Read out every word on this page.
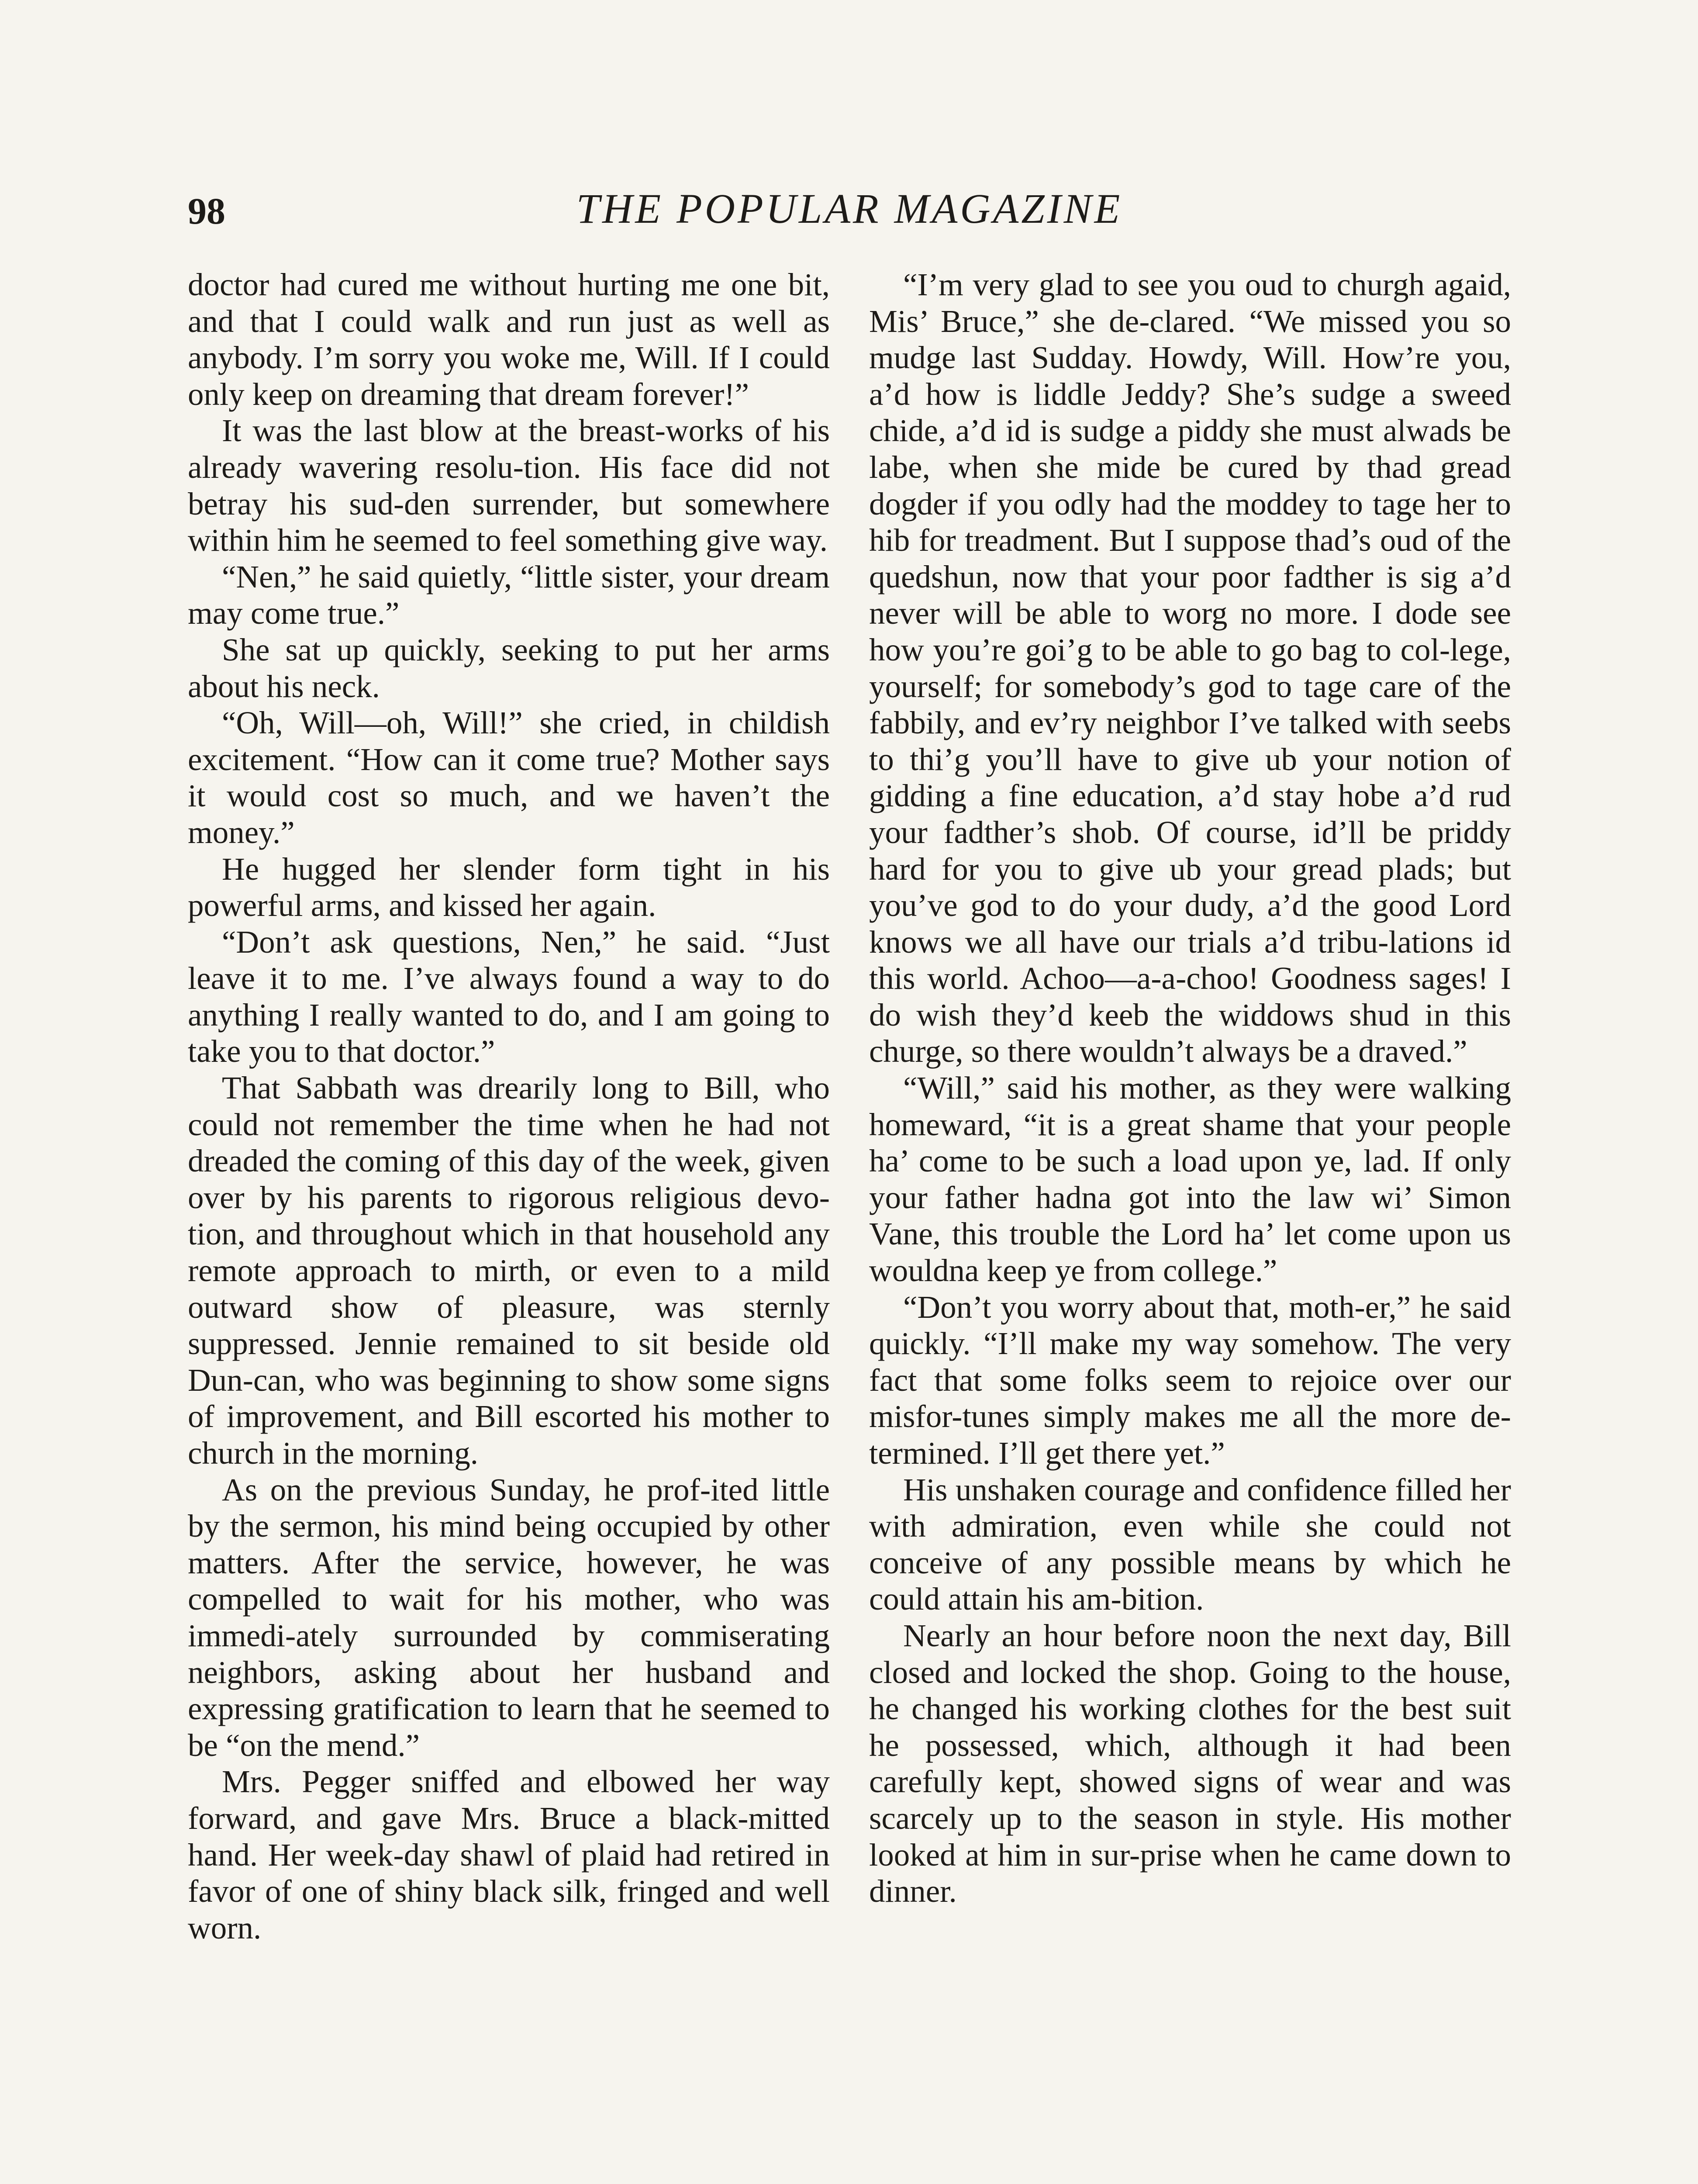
98	THE POPULAR MAGAZINE

doctor had cured me without hurting me one bit, and that I could walk and run just as well as anybody. I’m sorry you woke me, Will. If I could only keep on dreaming that dream forever!”

It was the last blow at the breast-works of his already wavering resolu-tion. His face did not betray his sud-den surrender, but somewhere within him he seemed to feel something give way.

“Nen,” he said quietly, “little sister, your dream may come true.”

She sat up quickly, seeking to put her arms about his neck.

“Oh, Will—oh, Will!” she cried, in childish excitement. “How can it come true? Mother says it would cost so much, and we haven’t the money.”

He hugged her slender form tight in his powerful arms, and kissed her again.

“Don’t ask questions, Nen,” he said. “Just leave it to me. I’ve always found a way to do anything I really wanted to do, and I am going to take you to that doctor.”

That Sabbath was drearily long to Bill, who could not remember the time when he had not dreaded the coming of this day of the week, given over by his parents to rigorous religious devo-tion, and throughout which in that household any remote approach to mirth, or even to a mild outward show of pleasure, was sternly suppressed. Jennie remained to sit beside old Dun-can, who was beginning to show some signs of improvement, and Bill escorted his mother to church in the morning.

As on the previous Sunday, he prof-ited little by the sermon, his mind being occupied by other matters. After the service, however, he was compelled to wait for his mother, who was immedi-ately surrounded by commiserating neighbors, asking about her husband and expressing gratification to learn that he seemed to be “on the mend.”

Mrs. Pegger sniffed and elbowed her way forward, and gave Mrs. Bruce a black-mitted hand. Her week-day shawl of plaid had retired in favor of one of shiny black silk, fringed and well worn.

“I’m very glad to see you oud to churgh agaid, Mis’ Bruce,” she de-clared. “We missed you so mudge last Sudday. Howdy, Will. How’re you, a’d how is liddle Jeddy? She’s sudge a sweed chide, a’d id is sudge a piddy she must alwads be labe, when she mide be cured by thad gread dogder if you odly had the moddey to tage her to hib for treadment. But I suppose thad’s oud of the quedshun, now that your poor fadther is sig a’d never will be able to worg no more. I dode see how you’re goi’g to be able to go bag to col-lege, yourself; for somebody’s god to tage care of the fabbily, and ev’ry neighbor I’ve talked with seebs to thi’g you’ll have to give ub your notion of gidding a fine education, a’d stay hobe a’d rud your fadther’s shob. Of course, id’ll be priddy hard for you to give ub your gread plads; but you’ve god to do your dudy, a’d the good Lord knows we all have our trials a’d tribu-lations id this world. Achoo—a-a-choo! Goodness sages! I do wish they’d keeb the widdows shud in this churge, so there wouldn’t always be a draved.”

“Will,” said his mother, as they were walking homeward, “it is a great shame that your people ha’ come to be such a load upon ye, lad. If only your father hadna got into the law wi’ Simon Vane, this trouble the Lord ha’ let come upon us wouldna keep ye from college.”

“Don’t you worry about that, moth-er,” he said quickly. “I’ll make my way somehow. The very fact that some folks seem to rejoice over our misfor-tunes simply makes me all the more de-termined. I’ll get there yet.”

His unshaken courage and confidence filled her with admiration, even while she could not conceive of any possible means by which he could attain his am-bition.

Nearly an hour before noon the next day, Bill closed and locked the shop. Going to the house, he changed his working clothes for the best suit he possessed, which, although it had been carefully kept, showed signs of wear and was scarcely up to the season in style. His mother looked at him in sur-prise when he came down to dinner.
